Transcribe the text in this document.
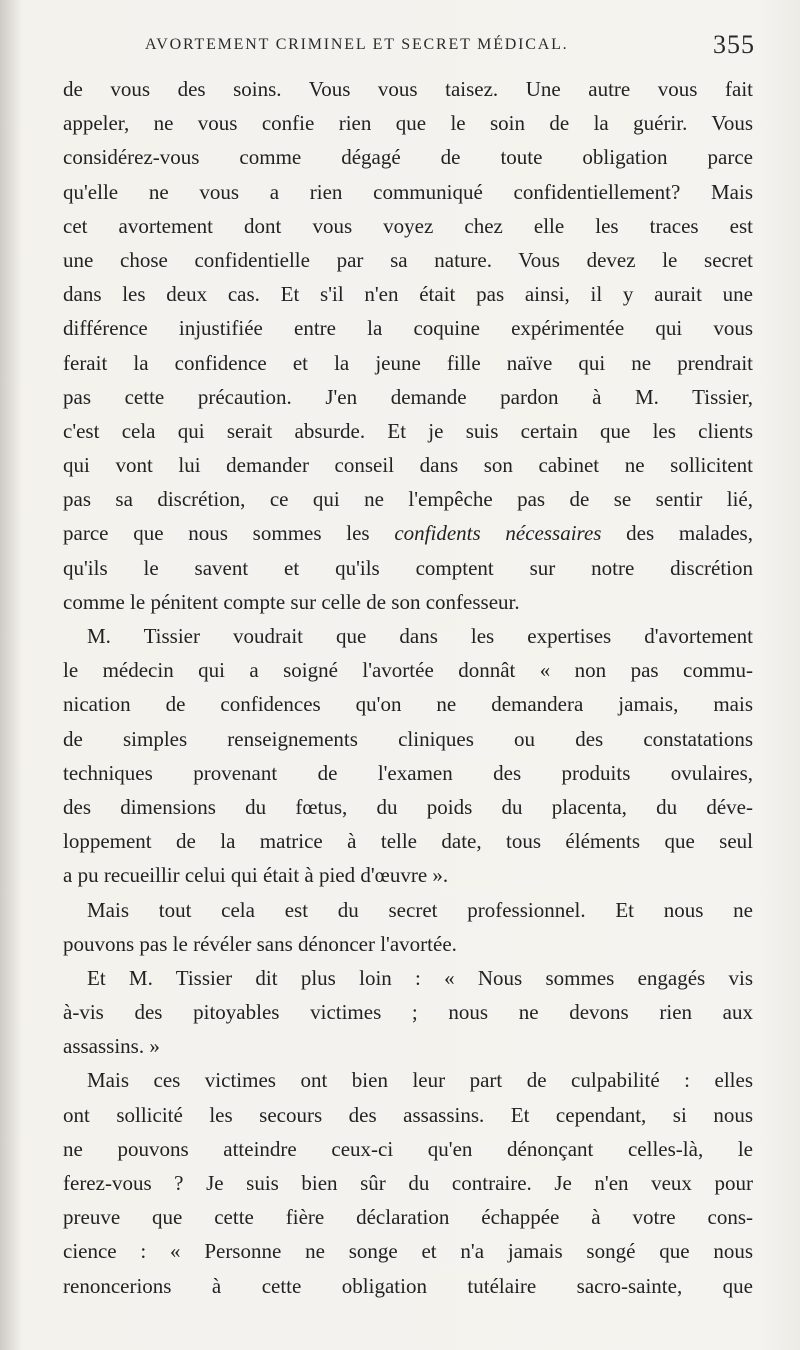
AVORTEMENT CRIMINEL ET SECRET MÉDICAL.	355
de vous des soins. Vous vous taisez. Une autre vous fait
appeler, ne vous confie rien que le soin de la guérir. Vous
considérez-vous comme dégagé de toute obligation parce
qu'elle ne vous a rien communiqué confidentiellement? Mais
cet avortement dont vous voyez chez elle les traces est
une chose confidentielle par sa nature. Vous devez le secret
dans les deux cas. Et s'il n'en était pas ainsi, il y aurait une
différence injustifiée entre la coquine expérimentée qui vous
ferait la confidence et la jeune fille naïve qui ne prendrait
pas cette précaution. J'en demande pardon à M. Tissier,
c'est cela qui serait absurde. Et je suis certain que les clients
qui vont lui demander conseil dans son cabinet ne sollicitent
pas sa discrétion, ce qui ne l'empêche pas de se sentir lié,
parce que nous sommes les confidents nécessaires des malades,
qu'ils le savent et qu'ils comptent sur notre discrétion
comme le pénitent compte sur celle de son confesseur.
M. Tissier voudrait que dans les expertises d'avortement
le médecin qui a soigné l'avortée donnât « non pas commu-
nication de confidences qu'on ne demandera jamais, mais
de simples renseignements cliniques ou des constatations
techniques provenant de l'examen des produits ovulaires,
des dimensions du fœtus, du poids du placenta, du déve-
loppement de la matrice à telle date, tous éléments que seul
a pu recueillir celui qui était à pied d'œuvre ».
Mais tout cela est du secret professionnel. Et nous ne
pouvons pas le révéler sans dénoncer l'avortée.
Et M. Tissier dit plus loin : « Nous sommes engagés vis
à-vis des pitoyables victimes ; nous ne devons rien aux
assassins. »
Mais ces victimes ont bien leur part de culpabilité : elles
ont sollicité les secours des assassins. Et cependant, si nous
ne pouvons atteindre ceux-ci qu'en dénonçant celles-là, le
ferez-vous ? Je suis bien sûr du contraire. Je n'en veux pour
preuve que cette fière déclaration échappée à votre cons-
cience : « Personne ne songe et n'a jamais songé que nous
renoncerions à cette obligation tutélaire sacro-sainte, que
